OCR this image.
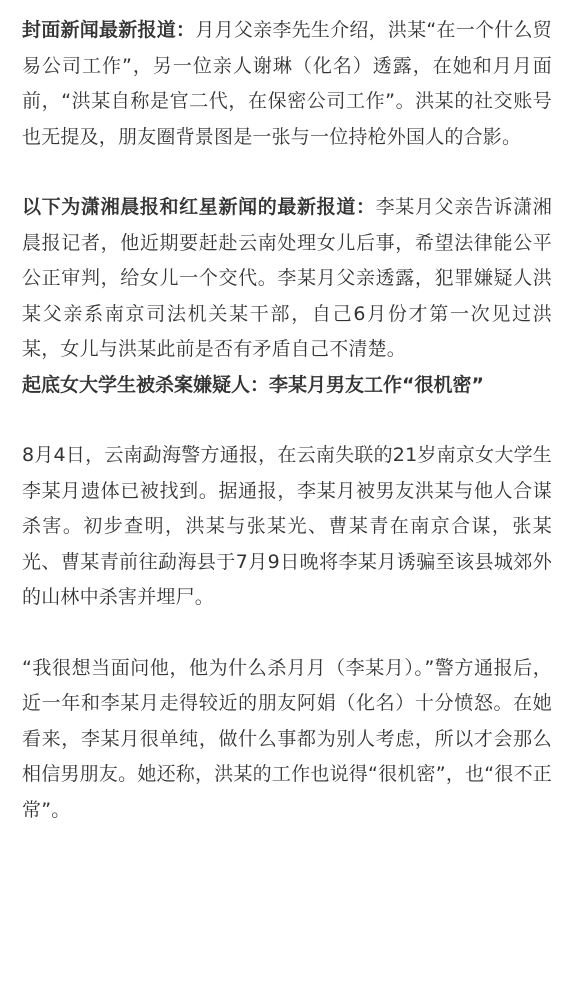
封面新闻最新报道：月月父亲李先生介绍，洪某“在一个什么贸易公司工作”，另一位亲人谢琳（化名）透露，在她和月月面前，“洪某自称是官二代，在保密公司工作”。洪某的社交账号也无提及，朋友圈背景图是一张与一位持枪外国人的合影。

以下为潇湘晨报和红星新闻的最新报道：李某月父亲告诉潇湘晨报记者，他近期要赶赴云南处理女儿后事，希望法律能公平公正审判，给女儿一个交代。李某月父亲透露，犯罪嫌疑人洪某父亲系南京司法机关某干部，自己6月份才第一次见过洪某，女儿与洪某此前是否有矛盾自己不清楚。

起底女大学生被杀案嫌疑人：李某月男友工作“很机密”

8月4日，云南勐海警方通报，在云南失联的21岁南京女大学生李某月遗体已被找到。据通报，李某月被男友洪某与他人合谋杀害。初步查明，洪某与张某光、曹某青在南京合谋，张某光、曹某青前往勐海县于7月9日晚将李某月诱骗至该县城郊外的山林中杀害并埋尸。

“我很想当面问他，他为什么杀月月（李某月）。”警方通报后，近一年和李某月走得较近的朋友阿娟（化名）十分愤怒。在她看来，李某月很单纯，做什么事都为别人考虑，所以才会那么相信男朋友。她还称，洪某的工作也说得“很机密”，也“很不正常”。
